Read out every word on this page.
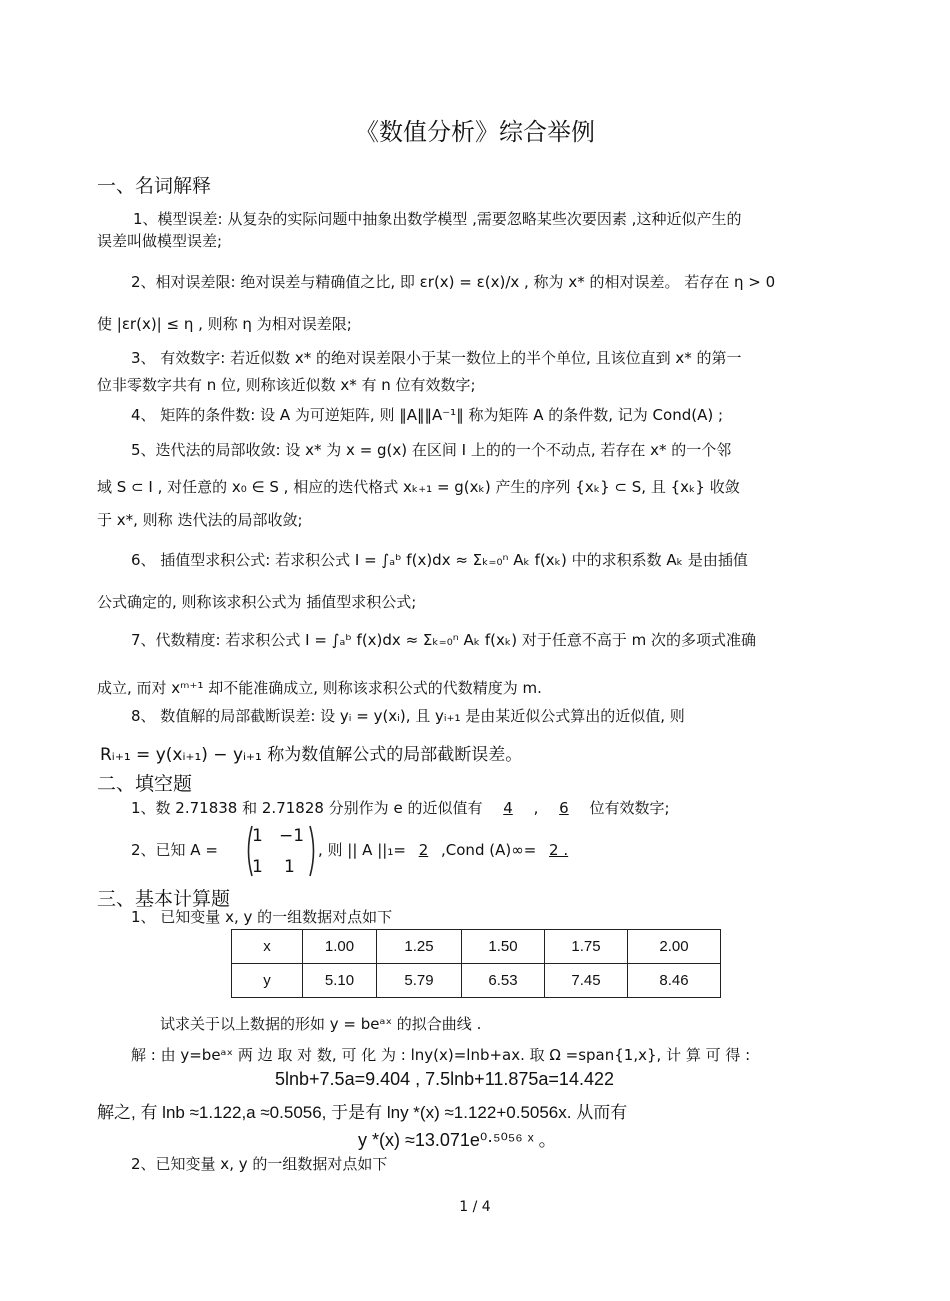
《数值分析》综合举例
一、名词解释
1、模型误差: 从复杂的实际问题中抽象出数学模型 ,需要忽略某些次要因素 ,这种近似产生的
误差叫做模型误差;
2、相对误差限: 绝对误差与精确值之比, 即 εr(x) = ε(x)/x , 称为 x* 的相对误差。 若存在 η > 0
使 |εr(x)| ≤ η , 则称 η 为相对误差限;
3、 有效数字: 若近似数 x* 的绝对误差限小于某一数位上的半个单位, 且该位直到 x* 的第一
位非零数字共有 n 位, 则称该近似数 x* 有 n 位有效数字;
4、 矩阵的条件数: 设 A 为可逆矩阵, 则 ‖A‖‖A⁻¹‖ 称为矩阵 A 的条件数, 记为 Cond(A) ;
5、迭代法的局部收敛: 设 x* 为 x = g(x) 在区间 I 上的的一个不动点, 若存在 x* 的一个邻
域 S ⊂ I , 对任意的 x₀ ∈ S , 相应的迭代格式 xₖ₊₁ = g(xₖ) 产生的序列 {xₖ} ⊂ S, 且 {xₖ} 收敛
于 x*, 则称 迭代法的局部收敛;
6、 插值型求积公式: 若求积公式 I = ∫ₐᵇ f(x)dx ≈ Σₖ₌₀ⁿ Aₖ f(xₖ) 中的求积系数 Aₖ 是由插值
公式确定的, 则称该求积公式为 插值型求积公式;
7、代数精度: 若求积公式 I = ∫ₐᵇ f(x)dx ≈ Σₖ₌₀ⁿ Aₖ f(xₖ) 对于任意不高于 m 次的多项式准确
成立, 而对 xᵐ⁺¹ 却不能准确成立, 则称该求积公式的代数精度为 m.
8、 数值解的局部截断误差: 设 yᵢ = y(xᵢ), 且 yᵢ₊₁ 是由某近似公式算出的近似值, 则
Rᵢ₊₁ = y(xᵢ₊₁) − yᵢ₊₁ 称为数值解公式的局部截断误差。
二、填空题
1、数 2.71838 和 2.71828 分别作为 e 的近似值有 4 , 6 位有效数字;
2、已知 A =
1 −1
1 1
, 则 || A ||₁= 2 ,Cond (A)∞= 2 .
三、基本计算题
1、 已知变量 x, y 的一组数据对点如下
x	1.00	1.25	1.50	1.75	2.00
y	5.10	5.79	6.53	7.45	8.46
试求关于以上数据的形如 y = beᵃˣ 的拟合曲线 .
解 : 由 y=beᵃˣ 两 边 取 对 数, 可 化 为 : lny(x)=lnb+ax. 取 Ω =span{1,x}, 计 算 可 得 :
5lnb+7.5a=9.404 , 7.5lnb+11.875a=14.422
解之, 有 lnb ≈1.122,a ≈0.5056, 于是有 lny *(x) ≈1.122+0.5056x. 从而有
y *(x) ≈13.071e⁰·⁵⁰⁵⁶ ˣ 。
2、已知变量 x, y 的一组数据对点如下
1 / 4
